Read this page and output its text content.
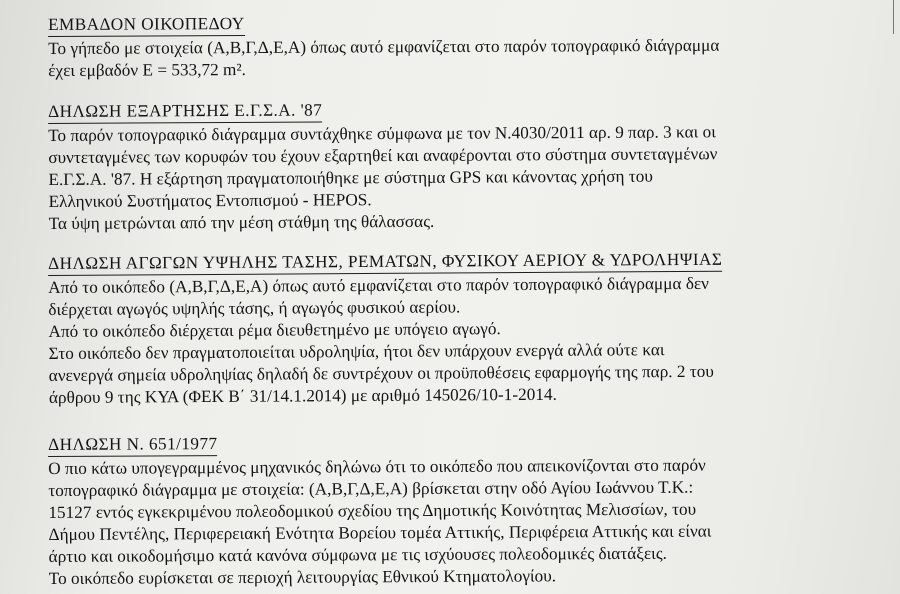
ΕΜΒΑΔΟΝ ΟΙΚΟΠΕΔΟΥ
Το γήπεδο με στοιχεία (Α,Β,Γ,Δ,Ε,Α) όπως αυτό εμφανίζεται στο παρόν τοπογραφικό διάγραμμα
έχει εμβαδόν Ε = 533,72 m².
ΔΗΛΩΣΗ ΕΞΑΡΤΗΣΗΣ Ε.Γ.Σ.Α. '87
Το παρόν τοπογραφικό διάγραμμα συντάχθηκε σύμφωνα με τον Ν.4030/2011 αρ. 9 παρ. 3 και οι
συντεταγμένες των κορυφών του έχουν εξαρτηθεί και αναφέρονται στο σύστημα συντεταγμένων
Ε.Γ.Σ.Α. '87. Η εξάρτηση πραγματοποιήθηκε με σύστημα GPS και κάνοντας χρήση του
Ελληνικού Συστήματος Εντοπισμού - HEPOS.
Τα ύψη μετρώνται από την μέση στάθμη της θάλασσας.
ΔΗΛΩΣΗ ΑΓΩΓΩΝ ΥΨΗΛΗΣ ΤΑΣΗΣ, ΡΕΜΑΤΩΝ, ΦΥΣΙΚΟΥ ΑΕΡΙΟΥ & ΥΔΡΟΛΗΨΙΑΣ
Από το οικόπεδο (Α,Β,Γ,Δ,Ε,Α) όπως αυτό εμφανίζεται στο παρόν τοπογραφικό διάγραμμα δεν
διέρχεται αγωγός υψηλής τάσης, ή αγωγός φυσικού αερίου.
Από το οικόπεδο διέρχεται ρέμα διευθετημένο με υπόγειο αγωγό.
Στο οικόπεδο δεν πραγματοποιείται υδροληψία, ήτοι δεν υπάρχουν ενεργά αλλά ούτε και
ανενεργά σημεία υδροληψίας δηλαδή δε συντρέχουν οι προϋποθέσεις εφαρμογής της παρ. 2 του
άρθρου 9 της ΚΥΑ (ΦΕΚ Β΄ 31/14.1.2014) με αριθμό 145026/10-1-2014.
ΔΗΛΩΣΗ Ν. 651/1977
Ο πιο κάτω υπογεγραμμένος μηχανικός δηλώνω ότι το οικόπεδο που απεικονίζονται στο παρόν
τοπογραφικό διάγραμμα με στοιχεία: (Α,Β,Γ,Δ,Ε,Α) βρίσκεται στην οδό Αγίου Ιωάννου Τ.Κ.:
15127 εντός εγκεκριμένου πολεοδομικού σχεδίου της Δημοτικής Κοινότητας Μελισσίων, του
Δήμου Πεντέλης, Περιφερειακή Ενότητα Βορείου τομέα Αττικής, Περιφέρεια Αττικής και είναι
άρτιο και οικοδομήσιμο κατά κανόνα σύμφωνα με τις ισχύουσες πολεοδομικές διατάξεις.
Το οικόπεδο ευρίσκεται σε περιοχή λειτουργίας Εθνικού Κτηματολογίου.
